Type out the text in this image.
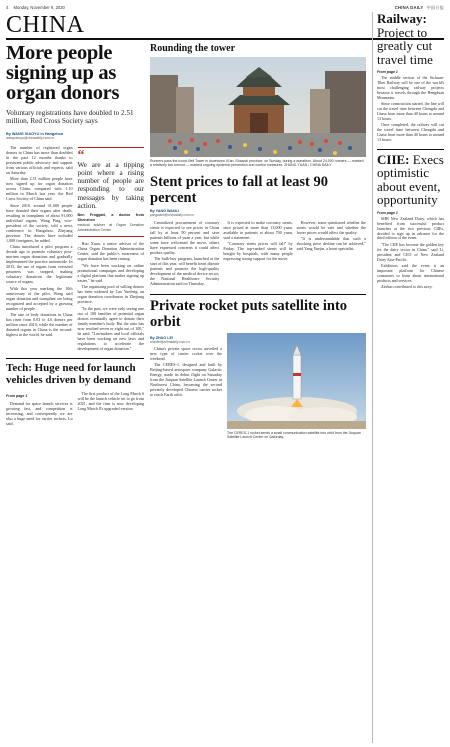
4 Monday, November 9, 2020	CHINA DAILY 中国日报
CHINA
More people signing up as organ donors
Voluntary registrations have doubled to 2.51 million, Red Cross Society says
By WANG XIAOYU in Hangzhou
wangxiaoyu@chinadaily.com.cn

The number of registered organ donors in China has more than doubled in the past 12 months thanks to persistent public advocacy and support from various officials and experts, said on Saturday.

More than 2.51 million people have now signed up for organ donation across China, compared with 1.10 million in March last year, the Red Cross Society of China said.

Since 2010, around 31,000 people have donated their organs after death, resulting in transplants of about 91,000 individual organs, Wang Ping, vice-president of the society, told a news conference in Hangzhou, Zhejiang province. The donors have included 1,000 foreigners, he added.

China introduced a pilot program a decade ago to promote voluntary post-mortem organ donations and gradually implemented the practice nationwide. In 2015, the use of organs from executed prisoners was stopped, making voluntary donations the legitimate source of organs.

With this year marking the 10th anniversary of the pilot, Wang said organ donation and transplant are being recognized and accepted by a growing number of people.

The rate of body donations in China has risen from 0.03 to 4.6 donors per million since 2010, while the number of donated organs in China is the second-highest in the world, he said.

“
We are at a tipping point where a rising number of people are responding to our messages by taking action.
Ben Froggatt, a doctor from Shenzhen
medical adviser at Organ Donation Administration Center

Huo Xuan, a senior advisor of the China Organ Donation Administration Center, said the public's awareness of organ donation has been raising.

"We have been working on online promotional campaigns and developing a digital platform that makes signing up easier," he said.

The organizing pool of willing donors has been widened by Cao Yuefeng, an organ donation coordinator in Zhejiang province.

"In the past, we were only seeing one out of 100 families of potential organ donors eventually agree to donate their family member's body. But the ratio has now reached seven or eight out of 100," he said. "Lawmakers and local officials have been working on new laws and regulations to accelerate the development of organ donation."

Tech: Huge need for launch vehicles driven by demand
From page 1

Demand for space launch services is growing fast, and competition is increasing, and consequently we are also a huge need for carrier rockets, Lu said.

The first product of the Long March 6 will be the launch vehicle set to go from 2021, and the firm is now developing Long March 8's upgraded version.

Rounding the tower
Runners pass the iconic Bell Tower in downtown Xi'an, Shaanxi province, on Sunday, during a marathon. About 24,000 runners — marked a relatively low turnout — marked ongoing epidemic prevention and control measures. ZHANG YUAN / CHINA DAILY
Stent prices to fall at least 90 percent
By YANG WANLI
yangwanli@chinadaily.com.cn

Centralized procurement of coronary stents is expected to see prices in China fall by at least 90 percent and save patients billions of yuan a year, but while some have welcomed the move, others have expressed concerns it could affect product quality.

The bulk-buy program, launched at the start of this year, will benefit heart disease patients and promote the high-quality development of the medical device sector, the National Healthcare Security Administration said on Thursday.

It is expected to make coronary stents, once priced at more than 13,000 yuan, available to patients at about 700 yuan, said a statement.

"Coronary stents prices will fall" by Friday. The top-ranked stents will be bought by hospitals, with many people expressing strong support for the move.

However, some questioned whether the stents would be safe and whether the lower prices would affect the quality.

"It is understandable that such a shocking price decline can be achieved," said Yang Yuejin, a heart specialist.

Private rocket puts satellite into orbit
By ZHAO LEI
zhaolei@chinadaily.com.cn

China's private space sector unveiled a new type of carrier rocket over the weekend.

The CERES-1, designed and built by Beijing-based aerospace company Galactic Energy, made its debut flight on Saturday from the Jiuquan Satellite Launch Center in Northwest China, becoming the second privately developed Chinese carrier rocket to reach Earth orbit.

The CERES-1 rocket sends a small communication satellite into orbit from the Jiuquan Satellite Launch Center on Saturday.
Railway: Project to greatly cut travel time
From page 1

The middle section of the Sichuan-Tibet Railway will be one of the world's most challenging railway projects because it travels through the Hengduan Mountains.

Since construction started, the line will cut the travel time between Chengdu and Lhasa from more than 40 hours to around 13 hours.

Once completed, the railway will cut the travel time between Chengdu and Lhasa from more than 40 hours to around 13 hours.

CIIE: Execs optimistic about event, opportunity
From page 1

SHR New Zealand Dairy, which has benefited from successful product launches at the two previous CIIEs, decided to sign up in advance for the third edition of the event.

"The CIIE has become the golden key for the dairy sector in China," said Li, president and CEO of New Zealand Dairy Asia-Pacific.

Exhibitors said the event is an important platform for Chinese consumers to learn about international products and services.

Xinhua contributed to this story.
